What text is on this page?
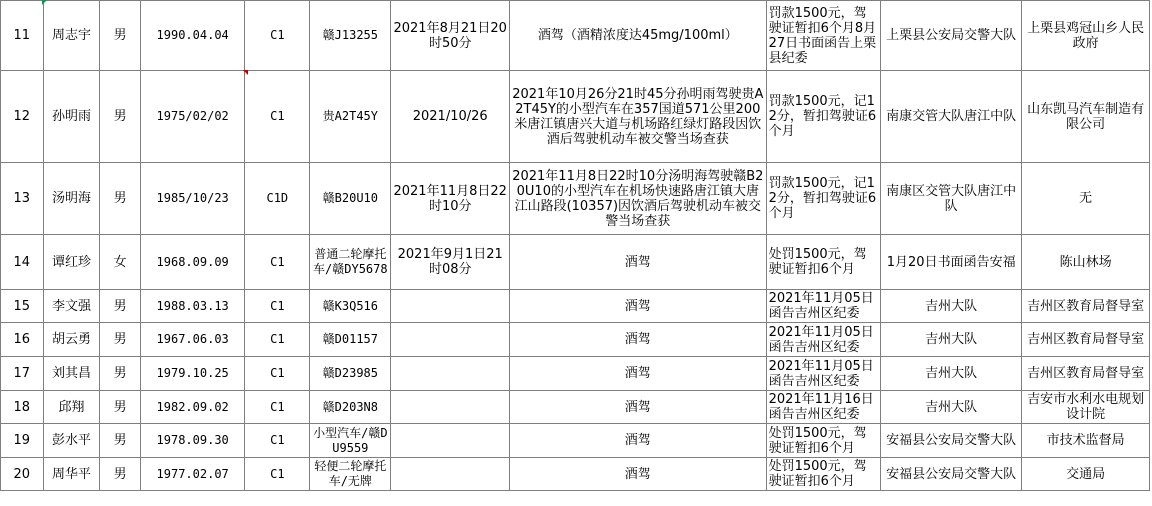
11	周志宇	男	1990.04.04	C1	赣J13255	2021年8月21日20时50分	酒驾（酒精浓度达45mg/100ml）	罚款1500元，驾驶证暂扣6个月8月27日书面函告上栗县纪委	上栗县公安局交警大队	上栗县鸡冠山乡人民政府
12	孙明雨	男	1975/02/02	C1	贵A2T45Y	2021/10/26	2021年10月26分21时45分孙明雨驾驶贵A2T45Y的小型汽车在357国道571公里200米唐江镇唐兴大道与机场路红绿灯路段因饮酒后驾驶机动车被交警当场查获	罚款1500元，记12分，暂扣驾驶证6个月	南康交管大队唐江中队	山东凯马汽车制造有限公司
13	汤明海	男	1985/10/23	C1D	赣B20U10	2021年11月8日22时10分	2021年11月8日22时10分汤明海驾驶赣B20U10的小型汽车在机场快速路唐江镇大唐江山路段(10357)因饮酒后驾驶机动车被交警当场查获	罚款1500元，记12分，暂扣驾驶证6个月	南康区交管大队唐江中队	无
14	谭红珍	女	1968.09.09	C1	普通二轮摩托车/赣DY5678	2021年9月1日21时08分	酒驾	处罚1500元，驾驶证暂扣6个月	1月20日书面函告安福	陈山林场
15	李文强	男	1988.03.13	C1	赣K3Q516		酒驾	2021年11月05日函告吉州区纪委	吉州大队	吉州区教育局督导室
16	胡云勇	男	1967.06.03	C1	赣D01157		酒驾	2021年11月05日函告吉州区纪委	吉州大队	吉州区教育局督导室
17	刘其昌	男	1979.10.25	C1	赣D23985		酒驾	2021年11月05日函告吉州区纪委	吉州大队	吉州区教育局督导室
18	邱翔	男	1982.09.02	C1	赣D203N8		酒驾	2021年11月16日函告吉州区纪委	吉州大队	吉安市水利水电规划设计院
19	彭水平	男	1978.09.30	C1	小型汽车/赣DU9559		酒驾	处罚1500元，驾驶证暂扣6个月	安福县公安局交警大队	市技术监督局
20	周华平	男	1977.02.07	C1	轻便二轮摩托车/无牌		酒驾	处罚1500元，驾驶证暂扣6个月	安福县公安局交警大队	交通局
